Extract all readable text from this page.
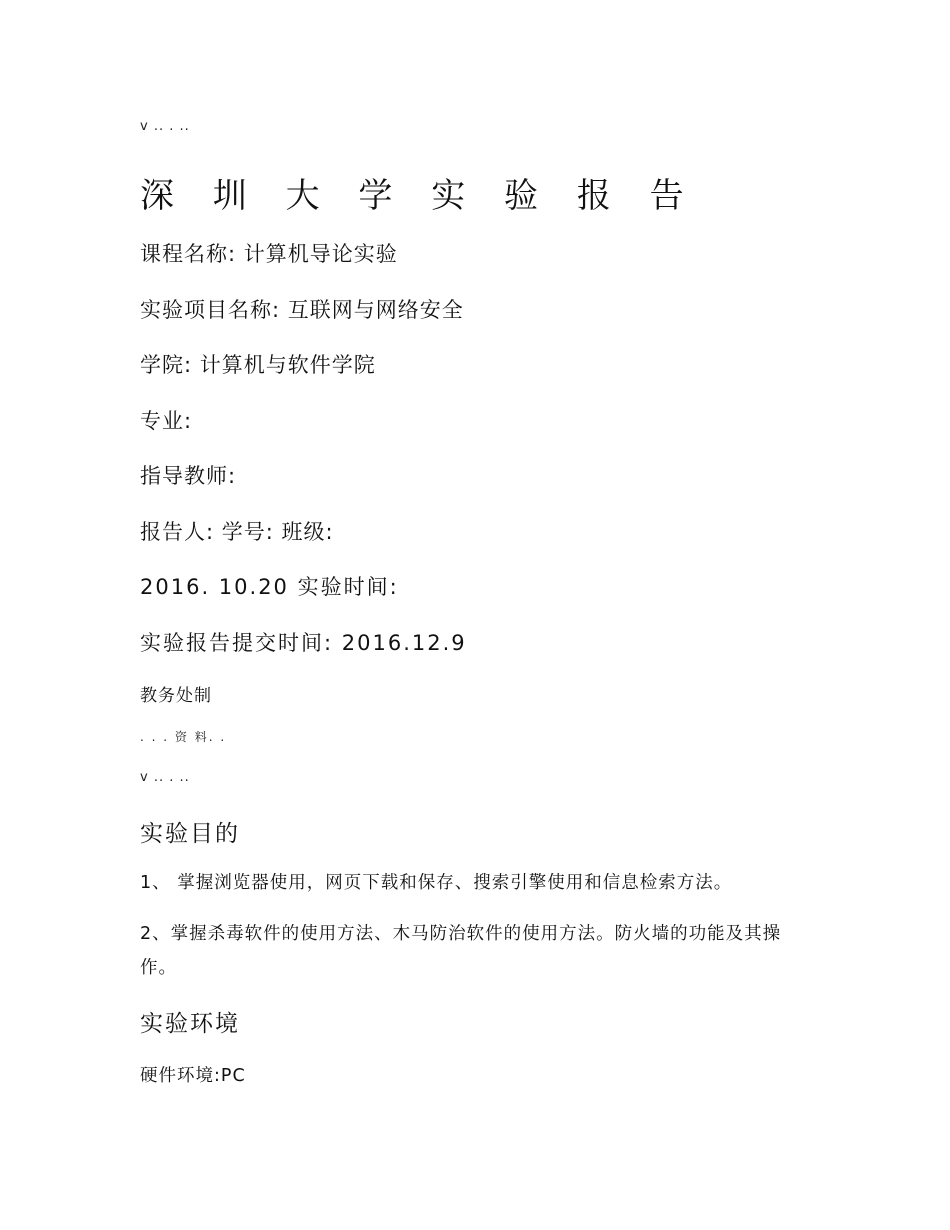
v .. . ..
深 圳 大 学 实 验 报 告
课程名称: 计算机导论实验
实验项目名称: 互联网与网络安全
学院: 计算机与软件学院
专业:
指导教师:
报告人: 学号: 班级:
2016. 10.20 实验时间:
实验报告提交时间: 2016.12.9
教务处制
. . . 资 料. .
v .. . ..
实验目的
1、 掌握浏览器使用，网页下载和保存、搜索引擎使用和信息检索方法。
2、掌握杀毒软件的使用方法、木马防治软件的使用方法。防火墙的功能及其操作。
实验环境
硬件环境:PC
